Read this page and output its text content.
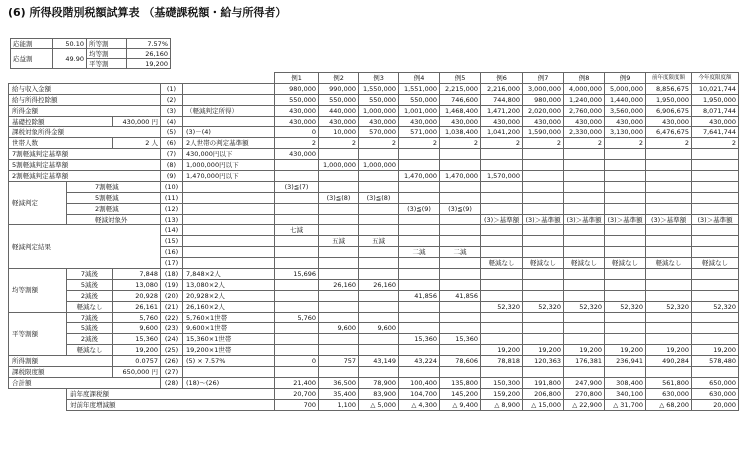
(6) 所得段階別税額試算表 （基礎課税額・給与所得者）
応能割	50.10	所等割	7.57%
応益割	49.90	均等割	26,160
		平等割	19,200
					例1	例2	例3	例4	例5	例6	例7	例8	例9	前年度限度額	今年度限度額
給与収入金額			(1)		980,000	990,000	1,550,000	1,551,000	2,215,000	2,216,000	3,000,000	4,000,000	5,000,000	8,856,675	10,021,744
給与所得控除額			(2)		550,000	550,000	550,000	550,000	746,600	744,800	980,000	1,240,000	1,440,000	1,950,000	1,950,000
所得金額			(3)	（軽減判定所得）	430,000	440,000	1,000,000	1,001,000	1,468,400	1,471,200	2,020,000	2,760,000	3,560,000	6,906,675	8,071,744
基礎控除額		430,000 円	(4)		430,000	430,000	430,000	430,000	430,000	430,000	430,000	430,000	430,000	430,000	430,000
課税対象所得金額			(5)	(3)－(4)	0	10,000	570,000	571,000	1,038,400	1,041,200	1,590,000	2,330,000	3,130,000	6,476,675	7,641,744
世帯人数		2 人	(6)	2人世帯の判定基準額	2	2	2	2	2	2	2	2	2	2	2
7割軽減判定基準額			(7)	430,000円以下	430,000										
5割軽減判定基準額			(8)	1,000,000円以下		1,000,000	1,000,000								
2割軽減判定基準額			(9)	1,470,000円以下				1,470,000	1,470,000	1,570,000					
軽減判定	7割軽減		(10)		(3)≦(7)										
	5割軽減		(11)			(3)≦(8)	(3)≦(8)								
	2割軽減		(12)					(3)≦(9)	(3)≦(9)						
	軽減対象外		(13)							(3)＞基準額	(3)＞基準額	(3)＞基準額	(3)＞基準額	(3)＞基準額	(3)＞基準額
軽減判定結果			(14)		七減										
			(15)			五減	五減								
			(16)					二減	二減						
			(17)							軽減なし	軽減なし	軽減なし	軽減なし	軽減なし	軽減なし
均等割額	7減後	7,848	(18)	7,848×2人	15,696										
	5減後	13,080	(19)	13,080×2人		26,160	26,160								
	2減後	20,928	(20)	20,928×2人				41,856	41,856						
	軽減なし	26,161	(21)	26,160×2人						52,320	52,320	52,320	52,320	52,320	52,320
平等割額	7減後	5,760	(22)	5,760×1世帯	5,760										
	5減後	9,600	(23)	9,600×1世帯		9,600	9,600								
	2減後	15,360	(24)	15,360×1世帯				15,360	15,360						
	軽減なし	19,200	(25)	19,200×1世帯						19,200	19,200	19,200	19,200	19,200	19,200
所得割額		0.0757	(26)	(5) × 7.57%	0	757	43,149	43,224	78,606	78,818	120,363	176,381	236,941	490,284	578,480
課税限度額		650,000 円	(27)												
合計額			(28)	(18)～(26)	21,400	36,500	78,900	100,400	135,800	150,300	191,800	247,900	308,400	561,800	650,000
	前年度課税額				20,700	35,400	83,900	104,700	145,200	159,200	206,800	270,800	340,100	630,000	630,000
	対前年度増減額				700	1,100	△ 5,000	△ 4,300	△ 9,400	△ 8,900	△ 15,000	△ 22,900	△ 31,700	△ 68,200	20,000
